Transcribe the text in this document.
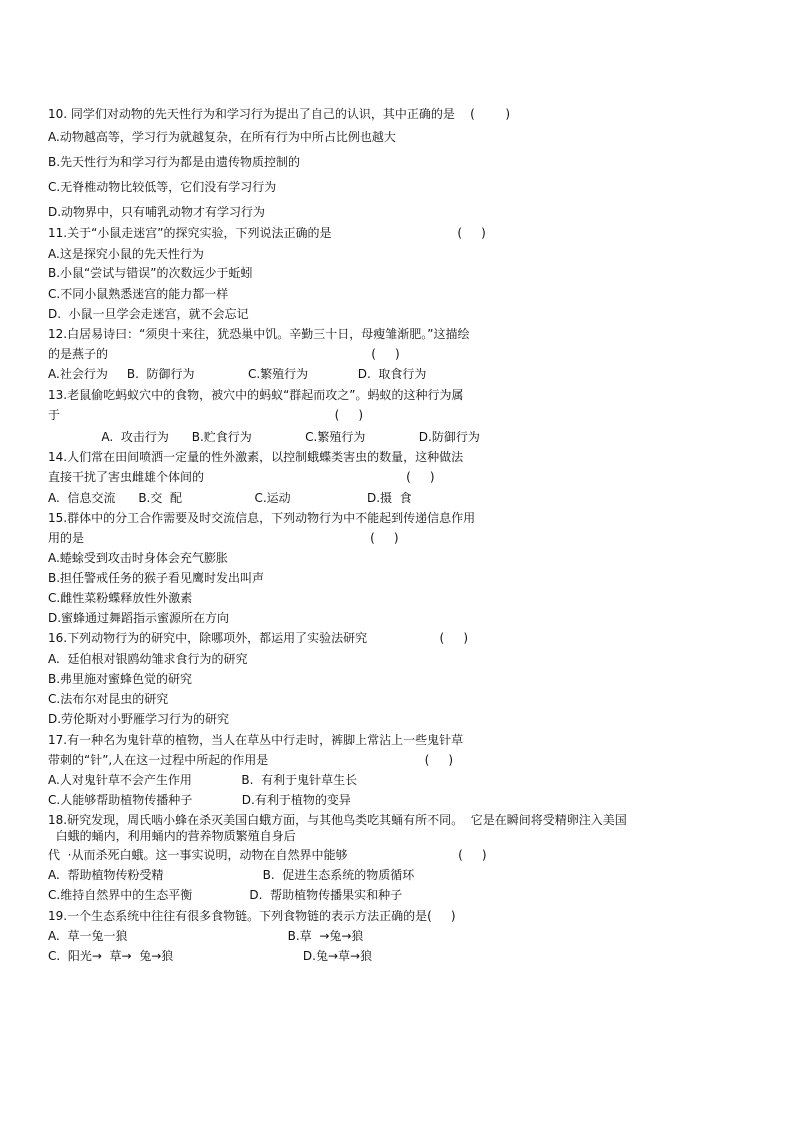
10. 同学们对动物的先天性行为和学习行为提出了自己的认识，其中正确的是    (        )
A.动物越高等，学习行为就越复杂，在所有行为中所占比例也越大
B.先天性行为和学习行为都是由遗传物质控制的
C.无脊椎动物比较低等，它们没有学习行为
D.动物界中，只有哺乳动物才有学习行为
11.关于“小鼠走迷宫”的探究实验，下列说法正确的是                                 (     )
A.这是探究小鼠的先天性行为
B.小鼠“尝试与错误”的次数远少于蚯蚓
C.不同小鼠熟悉迷宫的能力都一样
D.  小鼠一旦学会走迷宫，就不会忘记
12.白居易诗曰：“须臾十来往，犹恐巢中饥。辛勤三十日，母瘦雏渐肥。”这描绘
的是燕子的                                                                     (     )
A.社会行为     B.  防御行为              C.繁殖行为             D.  取食行为
13.老鼠偷吃蚂蚁穴中的食物，被穴中的蚂蚁“群起而攻之”。蚂蚁的这种行为属
于                                                                        (     )
A.  攻击行为      B.贮食行为              C.繁殖行为              D.防御行为
14.人们常在田间喷洒一定量的性外激素，以控制蛾蝶类害虫的数量，这种做法
直接干扰了害虫雌雄个体间的                                                     (     )
A.  信息交流      B.交  配                   C.运动                    D.摄  食
15.群体中的分工合作需要及时交流信息，下列动物行为中不能起到传递信息作用
用的是                                                                           (     )
A.蜷蜍受到攻击时身体会充气膨胀
B.担任警戒任务的猴子看见鹰时发出叫声
C.雌性菜粉蝶释放性外激素
D.蜜蜂通过舞蹈指示蜜源所在方向
16.下列动物行为的研究中，除哪项外，都运用了实验法研究                   (     )
A.  廷伯根对银鸥幼雏求食行为的研究
B.弗里施对蜜蜂色觉的研究
C.法布尔对昆虫的研究
D.劳伦斯对小野雁学习行为的研究
17.有一种名为鬼针草的植物，当人在草丛中行走时，裤脚上常沾上一些鬼针草
带刺的“针”,人在这一过程中所起的作用是                                         (     )
A.人对鬼针草不会产生作用             B.  有利于鬼针草生长
C.人能够帮助植物传播种子             D.有利于植物的变异
18.研究发现，周氏啮小蜂在杀灭美国白蛾方面，与其他鸟类吃其蛹有所不同。  它是在瞬间将受精卵注入美国
白蛾的蛹内，利用蛹内的营养物质繁殖自身后
代  ·从而杀死白蛾。这一事实说明，动物在自然界中能够                             (     )
A.  帮助植物传粉受精                          B.  促进生态系统的物质循环
C.维持自然界中的生态平衡               D.  帮助植物传播果实和种子
19.一个生态系统中往往有很多食物链。下列食物链的表示方法正确的是(     )
A.  草一兔一狼                                          B.草  →兔→狼
C.  阳光→  草→  兔→狼                                  D.兔→草→狼
